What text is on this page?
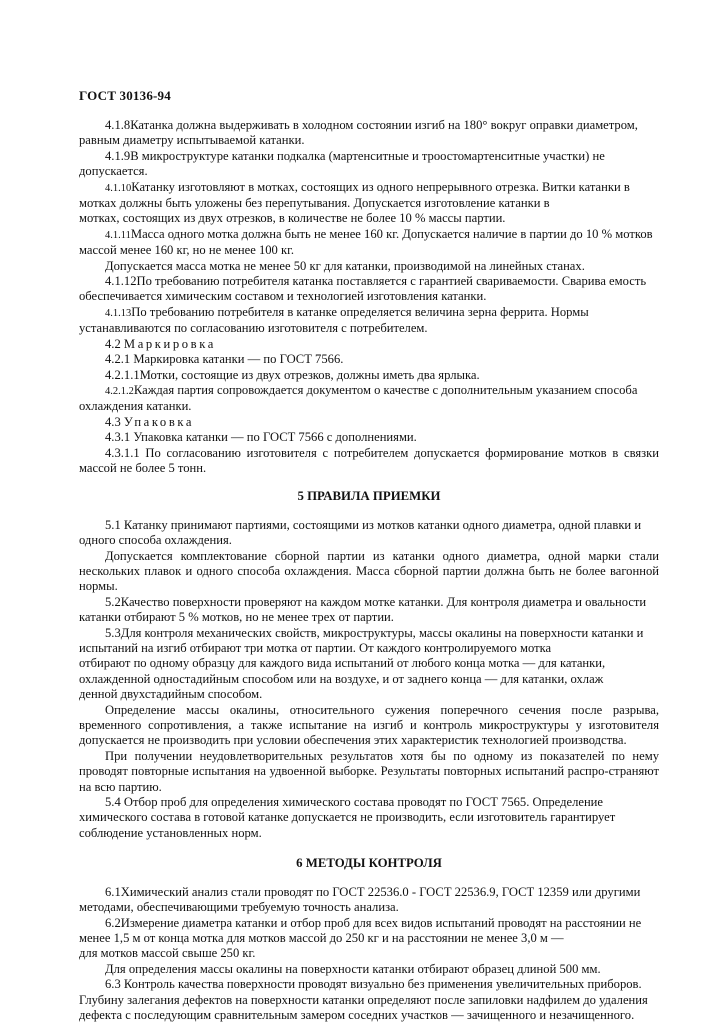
ГОСТ 30136-94

4.1.8Катанка должна выдерживать в холодном состоянии изгиб на 180° вокруг оправки диаметром, равным диаметру испытываемой катанки.

4.1.9В микроструктуре катанки подкалка (мартенситные и троостомартенситные участки) не допускается.

4.1.10Катанку изготовляют в мотках, состоящих из одного непрерывного отрезка. Витки катанки в мотках должны быть уложены без перепутывания. Допускается изготовление катанки в

мотках, состоящих из двух отрезков, в количестве не более 10 % массы партии.

4.1.11Масса одного мотка должна быть не менее 160 кг. Допускается наличие в партии до 10 % мотков массой менее 160 кг, но не менее 100 кг.

Допускается масса мотка не менее 50 кг для катанки, производимой на линейных станах.

4.1.12По требованию потребителя катанка поставляется с гарантией свариваемости. Сварива емость обеспечивается химическим составом и технологией изготовления катанки.

4.1.13По требованию потребителя в катанке определяется величина зерна феррита. Нормы устанавливаются по согласованию изготовителя с потребителем.

4.2 Маркировка

4.2.1 Маркировка катанки — по ГОСТ 7566.

4.2.1.1Мотки, состоящие из двух отрезков, должны иметь два ярлыка.

4.2.1.2Каждая партия сопровождается документом о качестве с дополнительным указанием способа охлаждения катанки.

4.3 Упаковка

4.3.1 Упаковка катанки — по ГОСТ 7566 с дополнениями.

4.3.1.1 По согласованию изготовителя с потребителем допускается формирование мотков в связки массой не более 5 тонн.

5 ПРАВИЛА ПРИЕМКИ

5.1 Катанку принимают партиями, состоящими из мотков катанки одного диаметра, одной плавки и одного способа охлаждения.

Допускается комплектование сборной партии из катанки одного диаметра, одной марки стали нескольких плавок и одного способа охлаждения. Масса сборной партии должна быть не более вагонной нормы.

5.2Качество поверхности проверяют на каждом мотке катанки. Для контроля диаметра и овальности катанки отбирают 5 % мотков, но не менее трех от партии.

5.3Для контроля механических свойств, микроструктуры, массы окалины на поверхности катанки и испытаний на изгиб отбирают три мотка от партии. От каждого контролируемого мотка

отбирают по одному образцу для каждого вида испытаний от любого конца мотка — для катанки,

охлажденной одностадийным способом или на воздухе, и от заднего конца — для катанки, охлаж

денной двухстадийным способом.

Определение массы окалины, относительного сужения поперечного сечения после разрыва, временного сопротивления, а также испытание на изгиб и контроль микроструктуры у изготовителя допускается не производить при условии обеспечения этих характеристик технологией производства.

При получении неудовлетворительных результатов хотя бы по одному из показателей по нему проводят повторные испытания на удвоенной выборке. Результаты повторных испытаний распро-страняют на всю партию.

5.4 Отбор проб для определения химического состава проводят по ГОСТ 7565. Определение химического состава в готовой катанке допускается не производить, если изготовитель гарантирует соблюдение установленных норм.

6 МЕТОДЫ КОНТРОЛЯ

6.1Химический анализ стали проводят по ГОСТ 22536.0 - ГОСТ 22536.9, ГОСТ 12359 или другими методами, обеспечивающими требуемую точность анализа.

6.2Измерение диаметра катанки и отбор проб для всех видов испытаний проводят на расстоянии не менее 1,5 м от конца мотка для мотков массой до 250 кг и на расстоянии не менее 3,0 м —

для мотков массой свыше 250 кг.

Для определения массы окалины на поверхности катанки отбирают образец длиной 500 мм.

6.3 Контроль качества поверхности проводят визуально без применения увеличительных приборов. Глубину залегания дефектов на поверхности катанки определяют после запиловки надфилем до удаления дефекта с последующим сравнительным замером соседних участков — зачищенного и незачищенного.
